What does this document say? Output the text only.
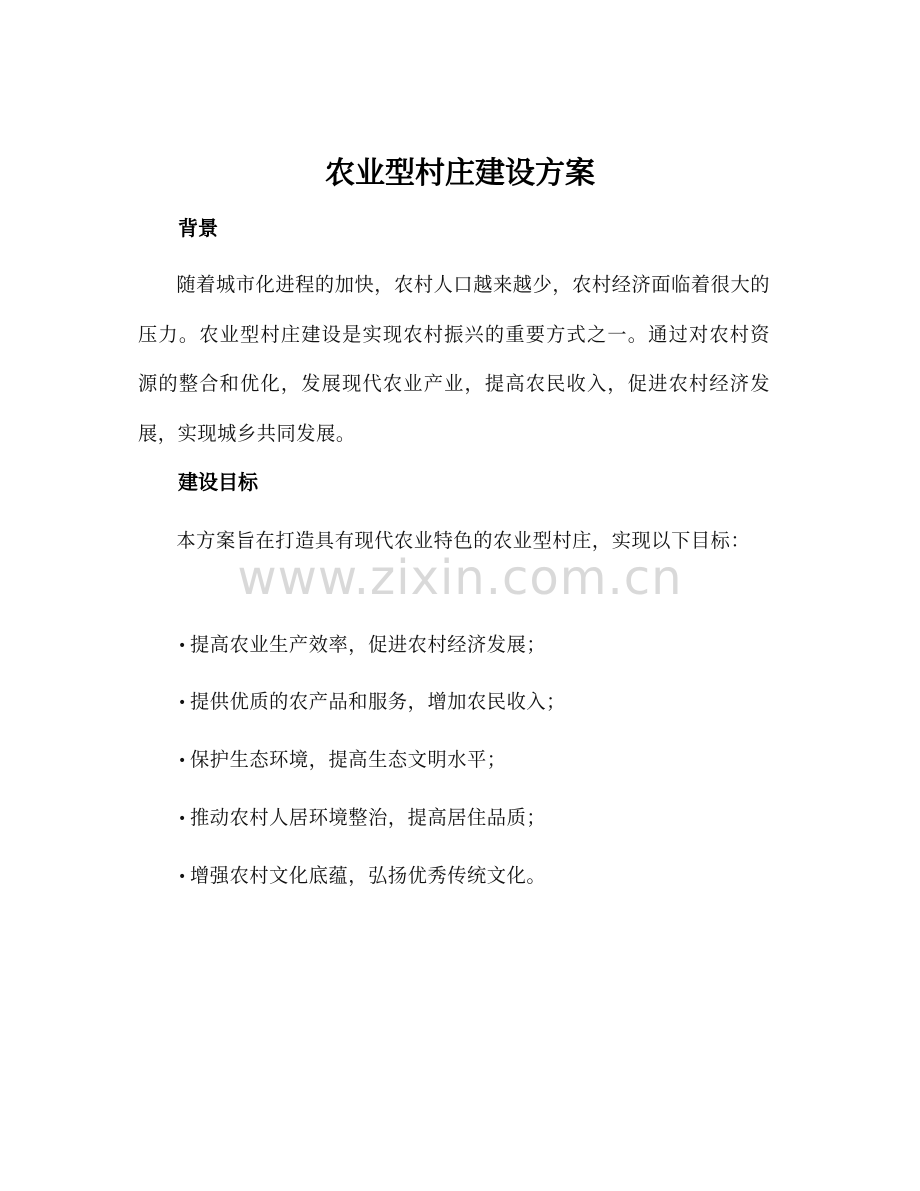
农业型村庄建设方案
背景

随着城市化进程的加快，农村人口越来越少，农村经济面临着很大的压力。农业型村庄建设是实现农村振兴的重要方式之一。通过对农村资源的整合和优化，发展现代农业产业，提高农民收入，促进农村经济发展，实现城乡共同发展。

建设目标

本方案旨在打造具有现代农业特色的农业型村庄，实现以下目标：

www.zixin.com.cn
• 提高农业生产效率，促进农村经济发展；
• 提供优质的农产品和服务，增加农民收入；
• 保护生态环境，提高生态文明水平；
• 推动农村人居环境整治，提高居住品质；
• 增强农村文化底蕴，弘扬优秀传统文化。
